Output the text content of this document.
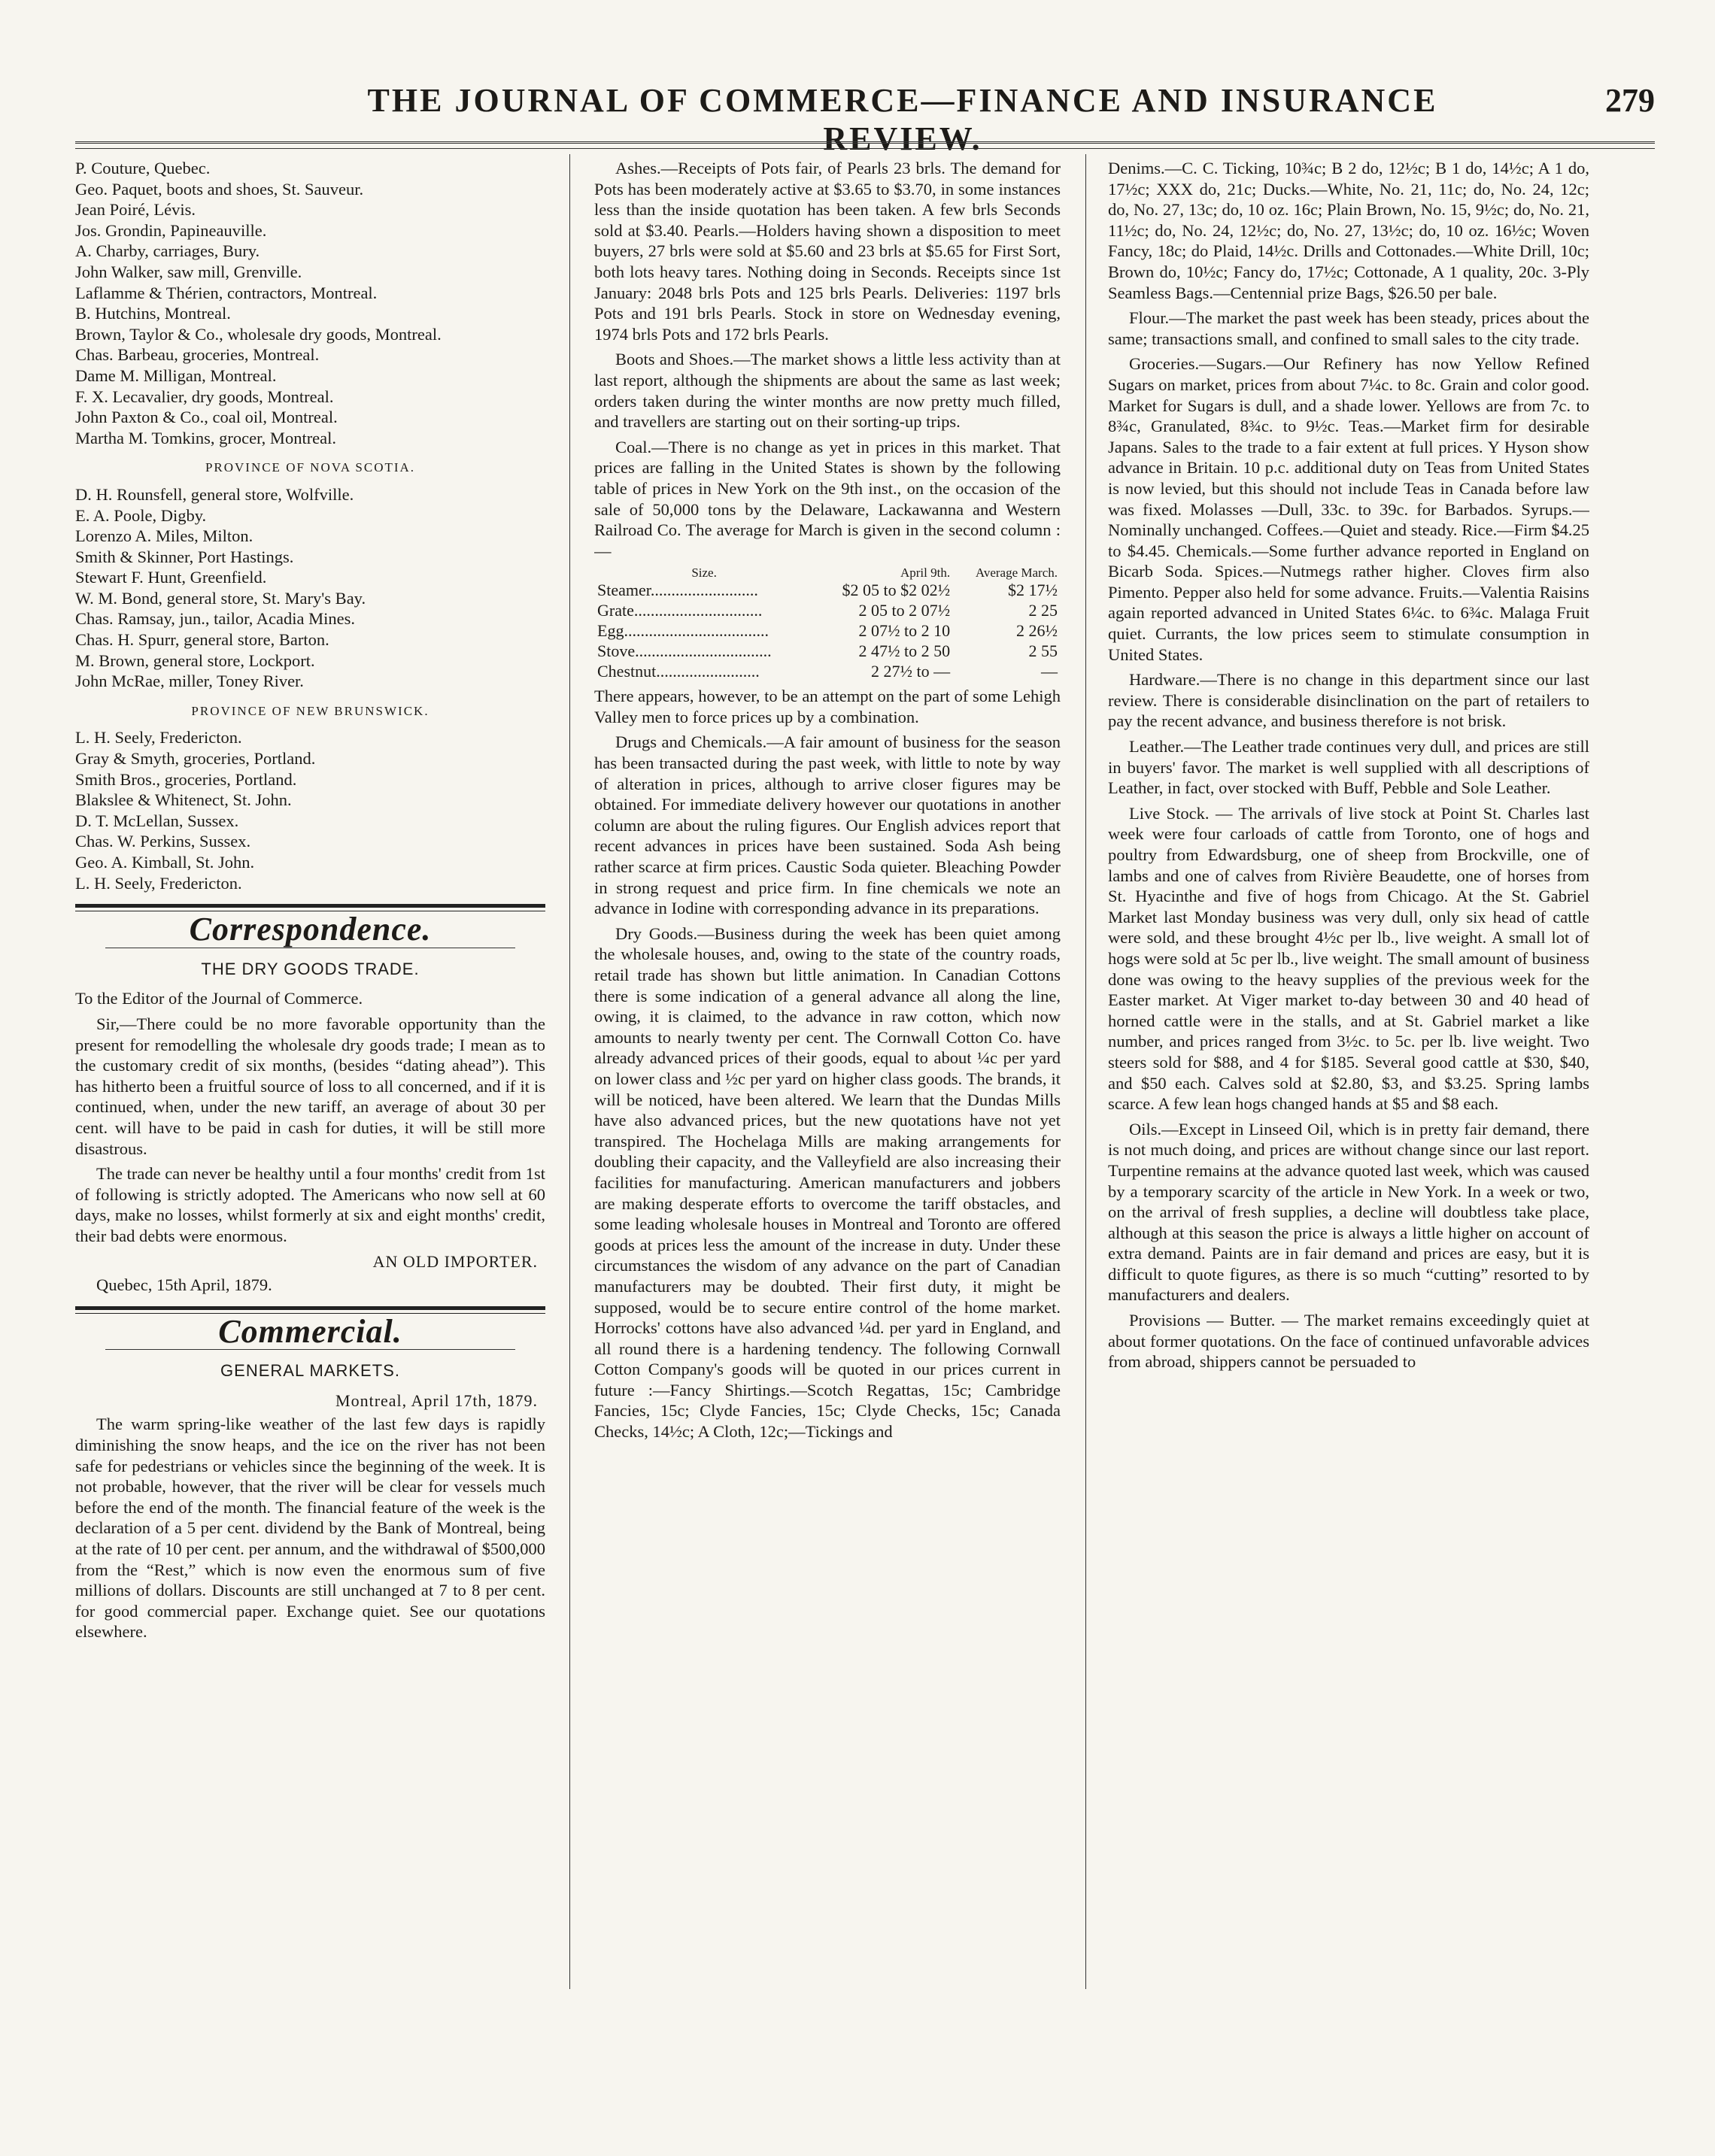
THE JOURNAL OF COMMERCE—FINANCE AND INSURANCE REVIEW.
279
P. Couture, Quebec.
Geo. Paquet, boots and shoes, St. Sauveur.
Jean Poiré, Lévis.
Jos. Grondin, Papineauville.
A. Charby, carriages, Bury.
John Walker, saw mill, Grenville.
Laflamme & Thérien, contractors, Montreal.
B. Hutchins, Montreal.
Brown, Taylor & Co., wholesale dry goods, Montreal.
Chas. Barbeau, groceries, Montreal.
Dame M. Milligan, Montreal.
F. X. Lecavalier, dry goods, Montreal.
John Paxton & Co., coal oil, Montreal.
Martha M. Tomkins, grocer, Montreal.
PROVINCE OF NOVA SCOTIA.
D. H. Rounsfell, general store, Wolfville.
E. A. Poole, Digby.
Lorenzo A. Miles, Milton.
Smith & Skinner, Port Hastings.
Stewart F. Hunt, Greenfield.
W. M. Bond, general store, St. Mary's Bay.
Chas. Ramsay, jun., tailor, Acadia Mines.
Chas. H. Spurr, general store, Barton.
M. Brown, general store, Lockport.
John McRae, miller, Toney River.
PROVINCE OF NEW BRUNSWICK.
L. H. Seely, Fredericton.
Gray & Smyth, groceries, Portland.
Smith Bros., groceries, Portland.
Blakslee & Whitenect, St. John.
D. T. McLellan, Sussex.
Chas. W. Perkins, Sussex.
Geo. A. Kimball, St. John.
L. H. Seely, Fredericton.
Correspondence.
THE DRY GOODS TRADE.

To the Editor of the Journal of Commerce.

Sir,—There could be no more favorable opportunity than the present for remodelling the wholesale dry goods trade; I mean as to the customary credit of six months, (besides “dating ahead”). This has hitherto been a fruitful source of loss to all concerned, and if it is continued, when, under the new tariff, an average of about 30 per cent. will have to be paid in cash for duties, it will be still more disastrous.

The trade can never be healthy until a four months' credit from 1st of following is strictly adopted. The Americans who now sell at 60 days, make no losses, whilst formerly at six and eight months' credit, their bad debts were enormous.

AN OLD IMPORTER.
Quebec, 15th April, 1879.
Commercial.
GENERAL MARKETS.
Montreal, April 17th, 1879.

The warm spring-like weather of the last few days is rapidly diminishing the snow heaps, and the ice on the river has not been safe for pedestrians or vehicles since the beginning of the week. It is not probable, however, that the river will be clear for vessels much before the end of the month. The financial feature of the week is the declaration of a 5 per cent. dividend by the Bank of Montreal, being at the rate of 10 per cent. per annum, and the withdrawal of $500,000 from the “Rest,” which is now even the enormous sum of five millions of dollars. Discounts are still unchanged at 7 to 8 per cent. for good commercial paper. Exchange quiet. See our quotations elsewhere.

Ashes.—Receipts of Pots fair, of Pearls 23 brls. The demand for Pots has been moderately active at $3.65 to $3.70, in some instances less than the inside quotation has been taken. A few brls Seconds sold at $3.40. Pearls.—Holders having shown a disposition to meet buyers, 27 brls were sold at $5.60 and 23 brls at $5.65 for First Sort, both lots heavy tares. Nothing doing in Seconds. Receipts since 1st January: 2048 brls Pots and 125 brls Pearls. Deliveries: 1197 brls Pots and 191 brls Pearls. Stock in store on Wednesday evening, 1974 brls Pots and 172 brls Pearls.

Boots and Shoes.—The market shows a little less activity than at last report, although the shipments are about the same as last week; orders taken during the winter months are now pretty much filled, and travellers are starting out on their sorting-up trips.

Coal.—There is no change as yet in prices in this market. That prices are falling in the United States is shown by the following table of prices in New York on the 9th inst., on the occasion of the sale of 50,000 tons by the Delaware, Lackawanna and Western Railroad Co. The average for March is given in the second column :—

Size.	April 9th.	Average March.
Steamer..........................	$2 05 to $2 02½	$2 17½
Grate...............................	2 05 to 2 07½	2 25
Egg...................................	2 07½ to 2 10	2 26½
Stove.................................	2 47½ to 2 50	2 55
Chestnut.........................	2 27½ to —	—

There appears, however, to be an attempt on the part of some Lehigh Valley men to force prices up by a combination.

Drugs and Chemicals.—A fair amount of business for the season has been transacted during the past week, with little to note by way of alteration in prices, although to arrive closer figures may be obtained. For immediate delivery however our quotations in another column are about the ruling figures. Our English advices report that recent advances in prices have been sustained. Soda Ash being rather scarce at firm prices. Caustic Soda quieter. Bleaching Powder in strong request and price firm. In fine chemicals we note an advance in Iodine with corresponding advance in its preparations.

Dry Goods.—Business during the week has been quiet among the wholesale houses, and, owing to the state of the country roads, retail trade has shown but little animation. In Canadian Cottons there is some indication of a general advance all along the line, owing, it is claimed, to the advance in raw cotton, which now amounts to nearly twenty per cent. The Cornwall Cotton Co. have already advanced prices of their goods, equal to about ¼c per yard on lower class and ½c per yard on higher class goods. The brands, it will be noticed, have been altered. We learn that the Dundas Mills have also advanced prices, but the new quotations have not yet transpired. The Hochelaga Mills are making arrangements for doubling their capacity, and the Valleyfield are also increasing their facilities for manufacturing. American manufacturers and jobbers are making desperate efforts to overcome the tariff obstacles, and some leading wholesale houses in Montreal and Toronto are offered goods at prices less the amount of the increase in duty. Under these circumstances the wisdom of any advance on the part of Canadian manufacturers may be doubted. Their first duty, it might be supposed, would be to secure entire control of the home market. Horrocks' cottons have also advanced ¼d. per yard in England, and all round there is a hardening tendency. The following Cornwall Cotton Company's goods will be quoted in our prices current in future :—Fancy Shirtings.—Scotch Regattas, 15c; Cambridge Fancies, 15c; Clyde Fancies, 15c; Clyde Checks, 15c; Canada Checks, 14½c; A Cloth, 12c;—Tickings and

Denims.—C. C. Ticking, 10¾c; B 2 do, 12½c; B 1 do, 14½c; A 1 do, 17½c; XXX do, 21c; Ducks.—White, No. 21, 11c; do, No. 24, 12c; do, No. 27, 13c; do, 10 oz. 16c; Plain Brown, No. 15, 9½c; do, No. 21, 11½c; do, No. 24, 12½c; do, No. 27, 13½c; do, 10 oz. 16½c; Woven Fancy, 18c; do Plaid, 14½c. Drills and Cottonades.—White Drill, 10c; Brown do, 10½c; Fancy do, 17½c; Cottonade, A 1 quality, 20c. 3-Ply Seamless Bags.—Centennial prize Bags, $26.50 per bale.

Flour.—The market the past week has been steady, prices about the same; transactions small, and confined to small sales to the city trade.

Groceries.—Sugars.—Our Refinery has now Yellow Refined Sugars on market, prices from about 7¼c. to 8c. Grain and color good. Market for Sugars is dull, and a shade lower. Yellows are from 7c. to 8¾c, Granulated, 8¾c. to 9½c. Teas.—Market firm for desirable Japans. Sales to the trade to a fair extent at full prices. Y Hyson show advance in Britain. 10 p.c. additional duty on Teas from United States is now levied, but this should not include Teas in Canada before law was fixed. Molasses —Dull, 33c. to 39c. for Barbados. Syrups.—Nominally unchanged. Coffees.—Quiet and steady. Rice.—Firm $4.25 to $4.45. Chemicals.—Some further advance reported in England on Bicarb Soda. Spices.—Nutmegs rather higher. Cloves firm also Pimento. Pepper also held for some advance. Fruits.—Valentia Raisins again reported advanced in United States 6¼c. to 6¾c. Malaga Fruit quiet. Currants, the low prices seem to stimulate consumption in United States.

Hardware.—There is no change in this department since our last review. There is considerable disinclination on the part of retailers to pay the recent advance, and business therefore is not brisk.

Leather.—The Leather trade continues very dull, and prices are still in buyers' favor. The market is well supplied with all descriptions of Leather, in fact, over stocked with Buff, Pebble and Sole Leather.

Live Stock. — The arrivals of live stock at Point St. Charles last week were four carloads of cattle from Toronto, one of hogs and poultry from Edwardsburg, one of sheep from Brockville, one of lambs and one of calves from Rivière Beaudette, one of horses from St. Hyacinthe and five of hogs from Chicago. At the St. Gabriel Market last Monday business was very dull, only six head of cattle were sold, and these brought 4½c per lb., live weight. A small lot of hogs were sold at 5c per lb., live weight. The small amount of business done was owing to the heavy supplies of the previous week for the Easter market. At Viger market to-day between 30 and 40 head of horned cattle were in the stalls, and at St. Gabriel market a like number, and prices ranged from 3½c. to 5c. per lb. live weight. Two steers sold for $88, and 4 for $185. Several good cattle at $30, $40, and $50 each. Calves sold at $2.80, $3, and $3.25. Spring lambs scarce. A few lean hogs changed hands at $5 and $8 each.

Oils.—Except in Linseed Oil, which is in pretty fair demand, there is not much doing, and prices are without change since our last report. Turpentine remains at the advance quoted last week, which was caused by a temporary scarcity of the article in New York. In a week or two, on the arrival of fresh supplies, a decline will doubtless take place, although at this season the price is always a little higher on account of extra demand. Paints are in fair demand and prices are easy, but it is difficult to quote figures, as there is so much “cutting” resorted to by manufacturers and dealers.

Provisions — Butter. — The market remains exceedingly quiet at about former quotations. On the face of continued unfavorable advices from abroad, shippers cannot be persuaded to
